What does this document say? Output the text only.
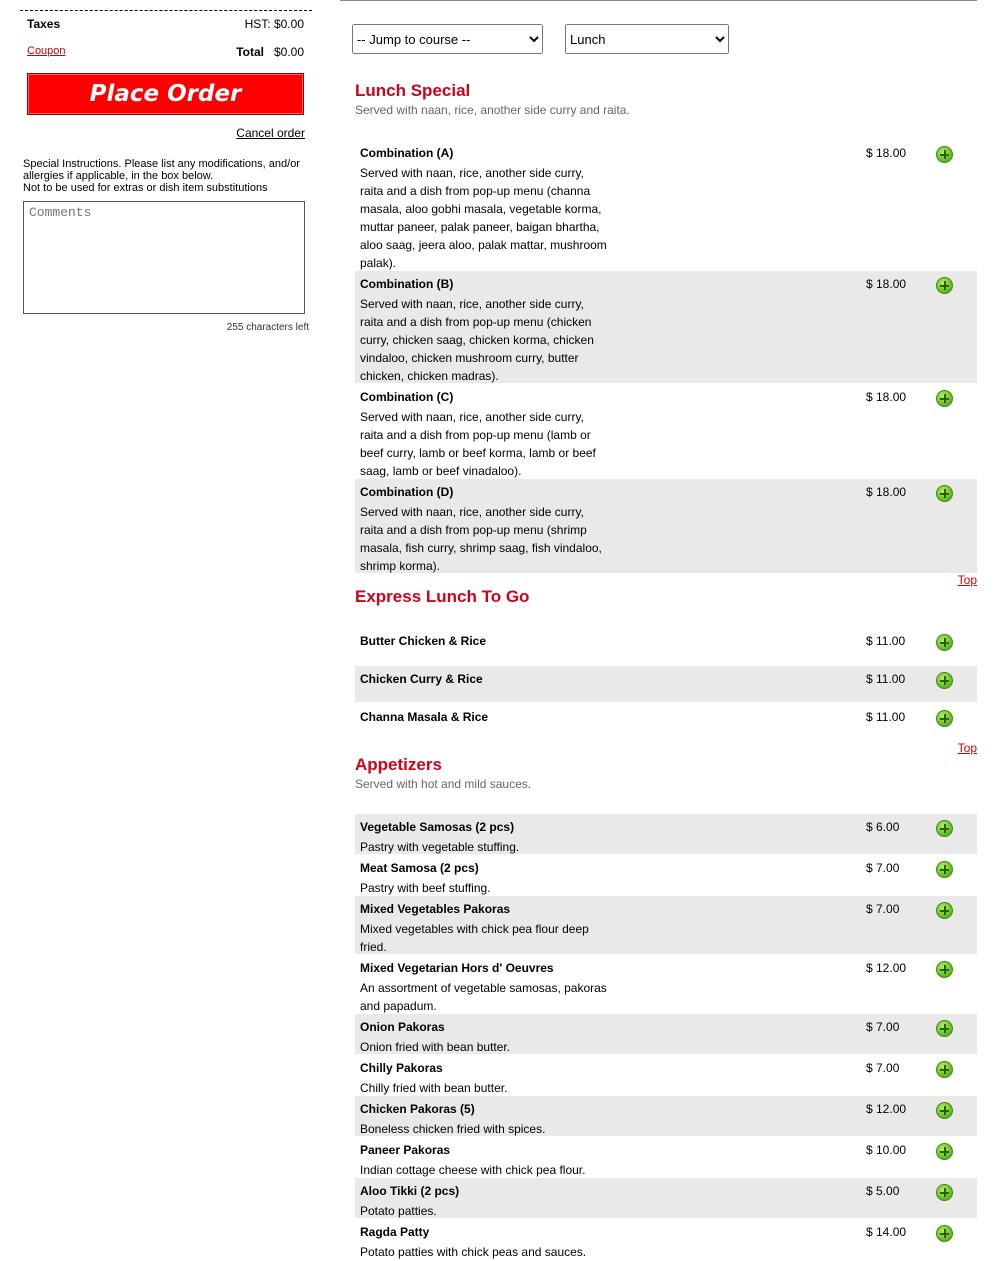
Taxes	HST: $0.00
Coupon	Total $0.00
Place Order
Cancel order
Special Instructions. Please list any modifications, and/or allergies if applicable, in the box below.
Not to be used for extras or dish item substitutions
Comments
255 characters left
-- Jump to course --
Lunch
Lunch Special
Served with naan, rice, another side curry and raita.
Combination (A)
Served with naan, rice, another side curry, raita and a dish from pop-up menu (channa masala, aloo gobhi masala, vegetable korma, muttar paneer, palak paneer, baigan bhartha, aloo saag, jeera aloo, palak mattar, mushroom palak).
$ 18.00
Combination (B)
Served with naan, rice, another side curry, raita and a dish from pop-up menu (chicken curry, chicken saag, chicken korma, chicken vindaloo, chicken mushroom curry, butter chicken, chicken madras).
$ 18.00
Combination (C)
Served with naan, rice, another side curry, raita and a dish from pop-up menu (lamb or beef curry, lamb or beef korma, lamb or beef saag, lamb or beef vinadaloo).
$ 18.00
Combination (D)
Served with naan, rice, another side curry, raita and a dish from pop-up menu (shrimp masala, fish curry, shrimp saag, fish vindaloo, shrimp korma).
$ 18.00
Top
Express Lunch To Go
Butter Chicken & Rice	$ 11.00
Chicken Curry & Rice	$ 11.00
Channa Masala & Rice	$ 11.00
Top
Appetizers
Served with hot and mild sauces.
Vegetable Samosas (2 pcs)
Pastry with vegetable stuffing.
$ 6.00
Meat Samosa (2 pcs)
Pastry with beef stuffing.
$ 7.00
Mixed Vegetables Pakoras
Mixed vegetables with chick pea flour deep fried.
$ 7.00
Mixed Vegetarian Hors d' Oeuvres
An assortment of vegetable samosas, pakoras and papadum.
$ 12.00
Onion Pakoras
Onion fried with bean butter.
$ 7.00
Chilly Pakoras
Chilly fried with bean butter.
$ 7.00
Chicken Pakoras (5)
Boneless chicken fried with spices.
$ 12.00
Paneer Pakoras
Indian cottage cheese with chick pea flour.
$ 10.00
Aloo Tikki (2 pcs)
Potato patties.
$ 5.00
Ragda Patty
Potato patties with chick peas and sauces.
$ 14.00
